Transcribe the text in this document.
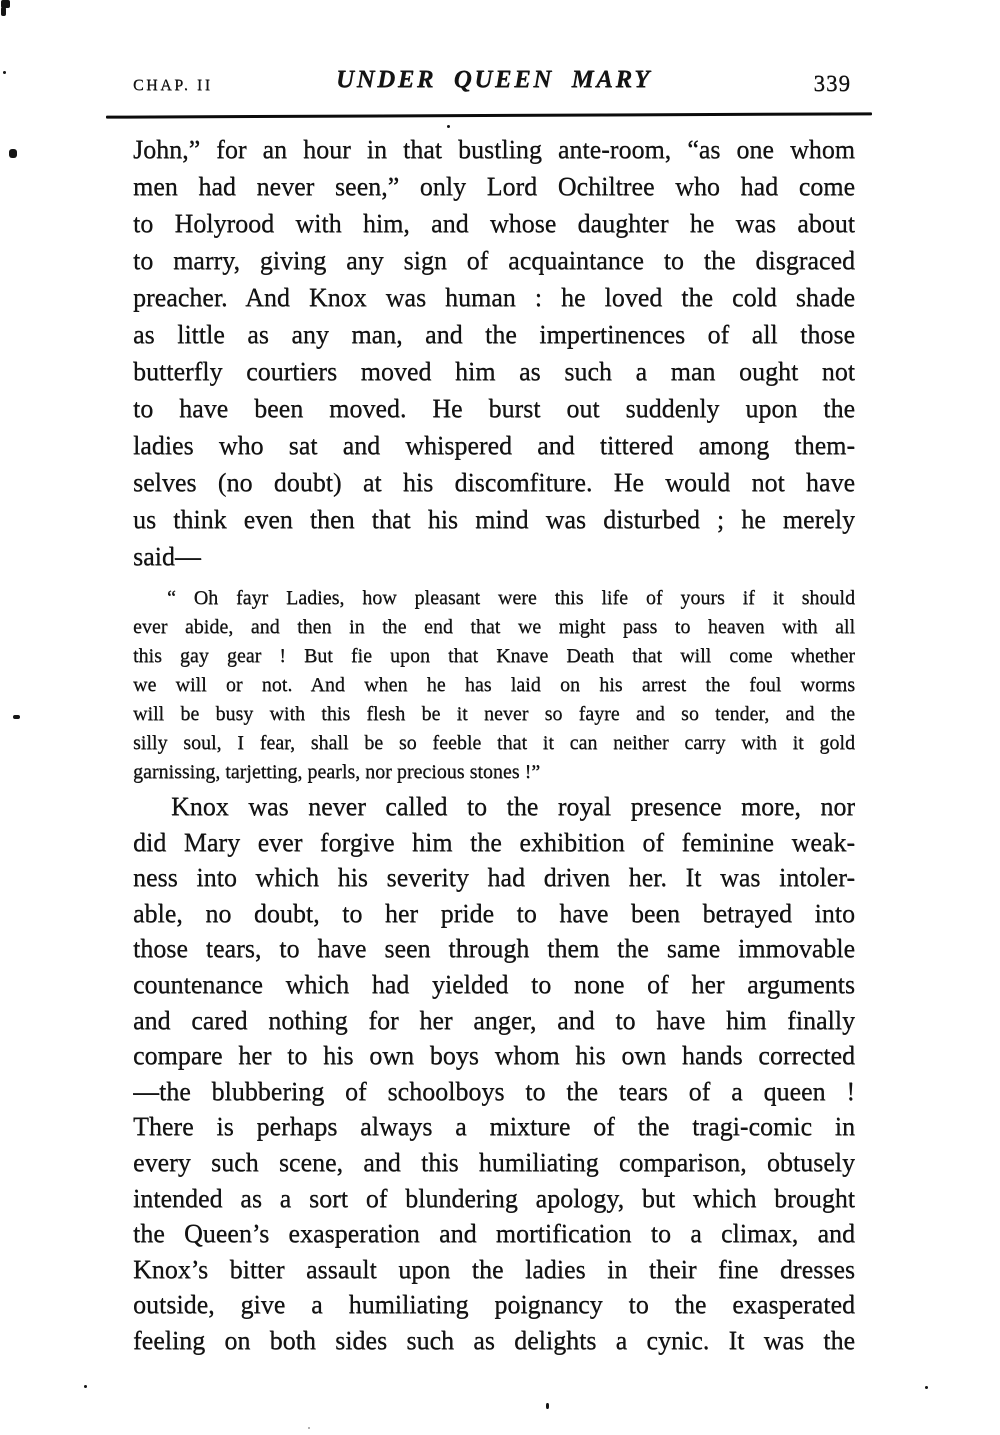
CHAP. II	UNDER QUEEN MARY	339
John,” for an hour in that bustling ante-room, “as one whom
men had never seen,” only Lord Ochiltree who had come
to Holyrood with him, and whose daughter he was about
to marry, giving any sign of acquaintance to the disgraced
preacher. And Knox was human : he loved the cold shade
as little as any man, and the impertinences of all those
butterfly courtiers moved him as such a man ought not
to have been moved. He burst out suddenly upon the
ladies who sat and whispered and tittered among them-
selves (no doubt) at his discomfiture. He would not have
us think even then that his mind was disturbed ; he merely
said—
“ Oh fayr Ladies, how pleasant were this life of yours if it should
ever abide, and then in the end that we might pass to heaven with all
this gay gear ! But fie upon that Knave Death that will come whether
we will or not. And when he has laid on his arrest the foul worms
will be busy with this flesh be it never so fayre and so tender, and the
silly soul, I fear, shall be so feeble that it can neither carry with it gold
garnissing, tarjetting, pearls, nor precious stones !”
Knox was never called to the royal presence more, nor
did Mary ever forgive him the exhibition of feminine weak-
ness into which his severity had driven her. It was intoler-
able, no doubt, to her pride to have been betrayed into
those tears, to have seen through them the same immovable
countenance which had yielded to none of her arguments
and cared nothing for her anger, and to have him finally
compare her to his own boys whom his own hands corrected
—the blubbering of schoolboys to the tears of a queen !
There is perhaps always a mixture of the tragi-comic in
every such scene, and this humiliating comparison, obtusely
intended as a sort of blundering apology, but which brought
the Queen’s exasperation and mortification to a climax, and
Knox’s bitter assault upon the ladies in their fine dresses
outside, give a humiliating poignancy to the exasperated
feeling on both sides such as delights a cynic. It was the
